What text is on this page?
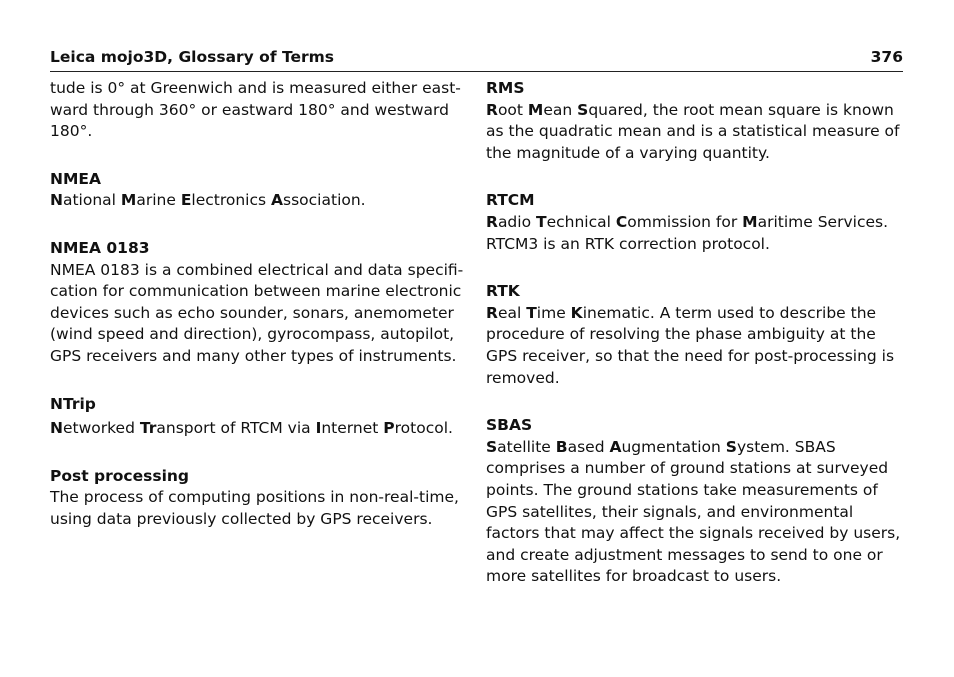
Leica mojo3D, Glossary of Terms	376
tude is 0° at Greenwich and is measured either east-
ward through 360° or eastward 180° and westward
180°.
NMEA
National Marine Electronics Association.
NMEA 0183
NMEA 0183 is a combined electrical and data specifi-
cation for communication between marine electronic
devices such as echo sounder, sonars, anemometer
(wind speed and direction), gyrocompass, autopilot,
GPS receivers and many other types of instruments.
NTrip
Networked Transport of RTCM via Internet Protocol.
Post processing
The process of computing positions in non-real-time,
using data previously collected by GPS receivers.
RMS
Root Mean Squared, the root mean square is known
as the quadratic mean and is a statistical measure of
the magnitude of a varying quantity.
RTCM
Radio Technical Commission for Maritime Services.
RTCM3 is an RTK correction protocol.
RTK
Real Time Kinematic. A term used to describe the
procedure of resolving the phase ambiguity at the
GPS receiver, so that the need for post-processing is
removed.
SBAS
Satellite Based Augmentation System. SBAS
comprises a number of ground stations at surveyed
points. The ground stations take measurements of
GPS satellites, their signals, and environmental
factors that may affect the signals received by users,
and create adjustment messages to send to one or
more satellites for broadcast to users.
